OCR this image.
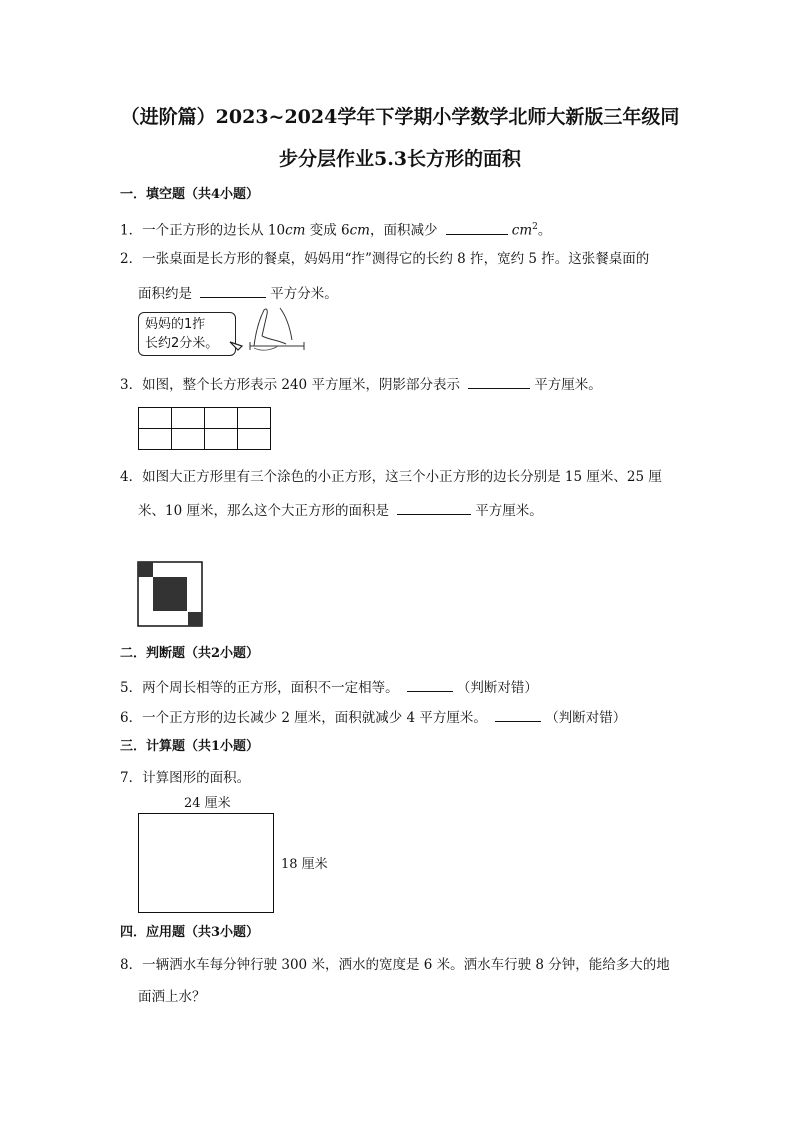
（进阶篇）2023~2024学年下学期小学数学北师大新版三年级同
步分层作业5.3长方形的面积
一．填空题（共4小题）
1．一个正方形的边长从 10cm 变成 6cm，面积减少	$cm^2$。
2．一张桌面是长方形的餐桌，妈妈用“拃”测得它的长约 8 拃，宽约 5 拃。这张餐桌面的
面积约是	平方分米。
妈妈的1拃
长约2分米。
3．如图，整个长方形表示 240 平方厘米，阴影部分表示	平方厘米。

4．如图大正方形里有三个涂色的小正方形，这三个小正方形的边长分别是 15 厘米、25 厘
米、10 厘米，那么这个大正方形的面积是	平方厘米。
二．判断题（共2小题）
5．两个周长相等的正方形，面积不一定相等。	（判断对错）
6．一个正方形的边长减少 2 厘米，面积就减少 4 平方厘米。	（判断对错）
三．计算题（共1小题）
7．计算图形的面积。
24 厘米
18 厘米
四．应用题（共3小题）
8．一辆洒水车每分钟行驶 300 米，洒水的宽度是 6 米。洒水车行驶 8 分钟，能给多大的地
面洒上水？
